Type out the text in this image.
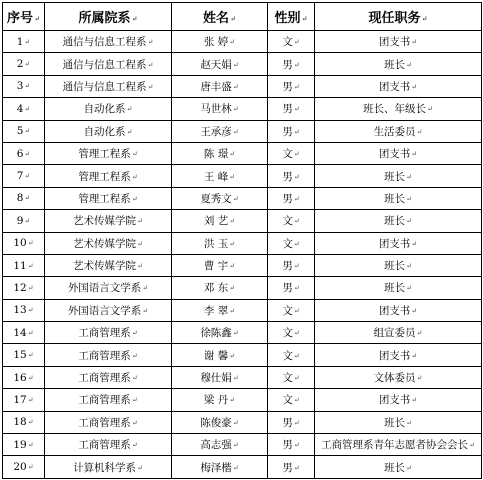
序号↵	所属院系↵	姓名↵	性别↵	现任职务↵
1↵	通信与信息工程系↵	张 婷↵	文↵	团支书↵
2↵	通信与信息工程系↵	赵天娟↵	男↵	班长↵
3↵	通信与信息工程系↵	唐丰盛↵	男↵	团支书↵
4↵	自动化系↵	马世林↵	男↵	班长、年级长↵
5↵	自动化系↵	王承彦↵	男↵	生活委员↵
6↵	管理工程系↵	陈 璟↵	文↵	团支书↵
7↵	管理工程系↵	王 峰↵	男↵	班长↵
8↵	管理工程系↵	夏秀文↵	男↵	班长↵
9↵	艺术传媒学院↵	刘 艺↵	文↵	班长↵
10↵	艺术传媒学院↵	洪 玉↵	文↵	团支书↵
11↵	艺术传媒学院↵	曹 宇↵	男↵	班长↵
12↵	外国语言文学系↵	邓 东↵	男↵	班长↵
13↵	外国语言文学系↵	李 翠↵	文↵	团支书↵
14↵	工商管理系↵	徐陈鑫↵	文↵	组宣委员↵
15↵	工商管理系↵	谢 馨↵	文↵	团支书↵
16↵	工商管理系↵	穆仕娟↵	文↵	文体委员↵
17↵	工商管理系↵	梁 丹↵	文↵	团支书↵
18↵	工商管理系↵	陈俊豪↵	男↵	班长↵
19↵	工商管理系↵	高志强↵	男↵	工商管理系青年志愿者协会会长↵
20↵	计算机科学系↵	梅泽楷↵	男↵	班长↵
